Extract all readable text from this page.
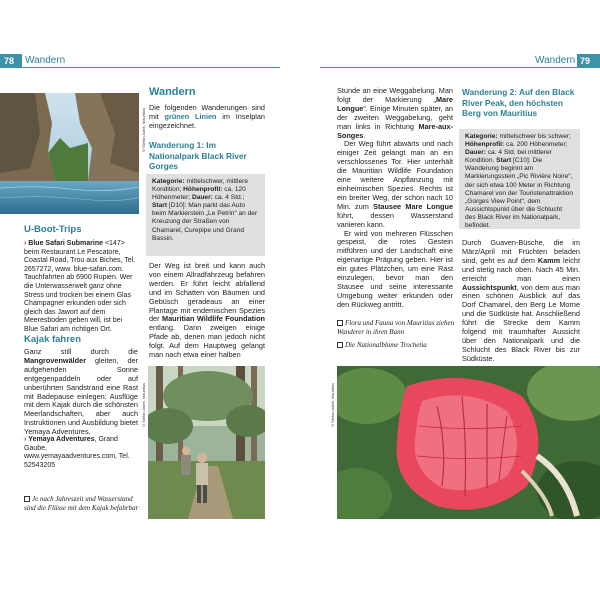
78	Wandern	Wandern 79
U-Boot-Trips
› Blue Safari Submarine <147> beim Restaurant Le Pescatore, Coastal Road, Trou aux Biches, Tel. 2657272, www. blue-safari.com. Tauchfahrten ab 6900 Rupien. Wer die Unterwasserwelt ganz ohne Stress und trocken bei einem Glas Champagner erkunden oder sich gleich das Jawort auf dem Meeresboden geben will, ist bei Blue Safari am richtigen Ort.
Kajak fahren

Ganz still durch die Mangrovenwälder gleiten, der aufgehenden Sonne entgegenpaddeln oder auf unberührten Sandstrand eine Rast mit Badepause einlegen: Ausflüge mit dem Kajak durch die schönsten Meerlandschaften, aber auch Instruktionen und Ausbildung bietet Yemaya Adventures.

› Yemaya Adventures, Grand Gaube, www.yemayaadventures.com, Tel. 52543205
Je nach Jahreszeit und Wasserstand sind die Flüsse mit dem Kajak befahrbar
©Stefan Adelt, Mauritius
Wandern

Die folgenden Wanderungen sind mit grünen Linien im Inselplan eingezeichnet.

Wanderung 1: Im Nationalpark Black River Gorges
Kategorie: mittelschwer, mittlere Kondition; Höhenprofil: ca. 120 Höhenmeter; Dauer: ca. 4 Std.; Start [D10]: Man parkt das Auto beim Markierstein „Le Petrin“ an der Kreuzung der Straßen von Chamarel, Curepipe und Grand Bassin.

Der Weg ist breit und kann auch von einem Allradfahrzeug befahren werden. Er führt leicht abfallend und im Schatten von Bäumen und Gebüsch geradeaus an einer Plantage mit endemischen Spezies der Mauritian Wildlife Foundation entlang. Dann zweigen einige Pfade ab, denen man jedoch nicht folgt. Auf dem Hauptweg gelangt man nach etwa einer halben

©Stefan Adelt, Mauritius

Stunde an eine Weggabelung. Man folgt der Markierung „Mare Longue“. Einige Minuten später, an der zweiten Weggabelung, geht man links in Richtung Mare-aux-Songes.

Der Weg führt abwärts und nach einiger Zeit gelangt man an ein verschlossenes Tor. Hier unterhält die Mauritian Wildlife Foundation eine weitere Anpflanzung mit einheimischen Spezies. Rechts ist ein breiter Weg, der schon nach 10 Min. zum Stausee Mare Longue führt, dessen Wasserstand variieren kann.

Er wird von mehreren Flüsschen gespeist, die rotes Gestein mitführen und der Landschaft eine eigenartige Prägung geben. Hier ist ein gutes Plätzchen, um eine Rast einzulegen, bevor man den Stausee und seine interessante Umgebung weiter erkunden oder den Rückweg antritt.

Flora und Fauna von Mauritius ziehen Wanderer in ihren Bann
Die Nationalblume Trochetia
©Stefan Adelt, Mauritius
Wanderung 2: Auf den Black River Peak, den höchsten Berg von Mauritius
Kategorie: mittelschwer bis schwer; Höhenprofil: ca. 200 Höhenmeter; Dauer: ca. 4 Std. bei mittlerer Kondition. Start [C10]: Die Wanderung beginnt am Markierungsstein „Pic Rivière Noire“, der sich etwa 100 Meter in Richtung Chamarel von der Touristenattraktion „Gorges View Point“, dem Aussichtspunkt über die Schlucht des Black River im Nationalpark, befindet.

Durch Guaven-Büsche, die im März/April mit Früchten beladen sind, geht es auf dem Kamm leicht und stetig nach oben. Nach 45 Min. erreicht man einen Aussichtspunkt, von dem aus man einen schönen Ausblick auf das Dorf Chamarel, den Berg Le Morne und die Südküste hat. Anschließend führt die Strecke dem Kamm folgend mit traumhafter Aussicht über den Nationalpark und die Schlucht des Black River bis zur Südküste.
